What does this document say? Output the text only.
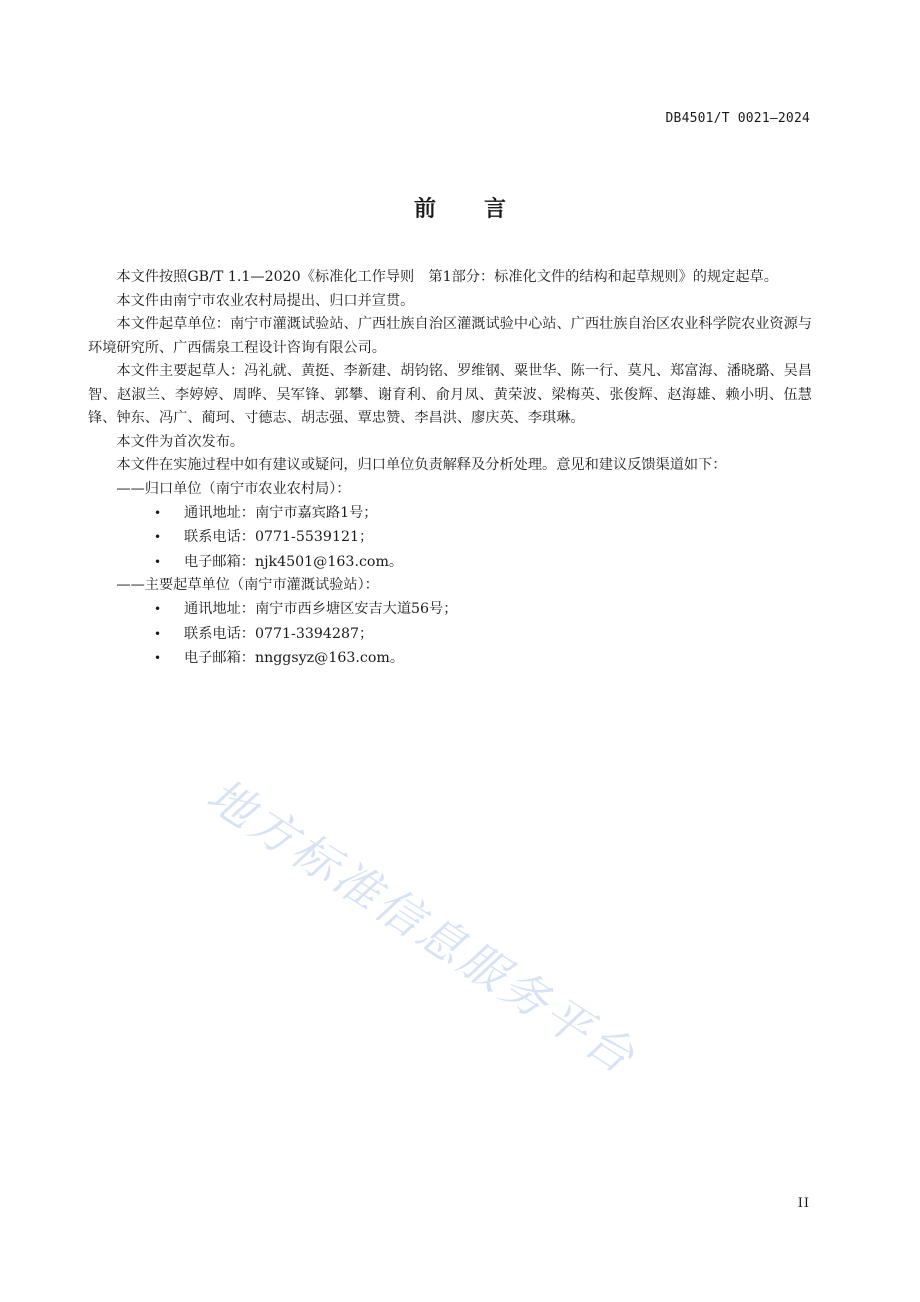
DB4501/T 0021—2024
前言

本文件按照GB/T 1.1—2020《标准化工作导则　第1部分：标准化文件的结构和起草规则》的规定起草。

本文件由南宁市农业农村局提出、归口并宣贯。

本文件起草单位：南宁市灌溉试验站、广西壮族自治区灌溉试验中心站、广西壮族自治区农业科学院农业资源与环境研究所、广西儒泉工程设计咨询有限公司。

本文件主要起草人：冯礼就、黄挺、李新建、胡钧铭、罗维钢、粟世华、陈一行、莫凡、郑富海、潘晓璐、吴昌智、赵淑兰、李婷婷、周晔、吴军锋、郭攀、谢育利、俞月凤、黄荣波、梁梅英、张俊辉、赵海雄、赖小明、伍慧锋、钟东、冯广、蔺珂、寸德志、胡志强、覃忠赞、李昌洪、廖庆英、李琪琳。

本文件为首次发布。

本文件在实施过程中如有建议或疑问，归口单位负责解释及分析处理。意见和建议反馈渠道如下：

——归口单位（南宁市农业农村局）：

• 通讯地址：南宁市嘉宾路1号；
• 联系电话：0771-5539121；
• 电子邮箱：njk4501@163.com。

——主要起草单位（南宁市灌溉试验站）：

• 通讯地址：南宁市西乡塘区安吉大道56号；
• 联系电话：0771-3394287；
• 电子邮箱：nnggsyz@163.com。
地方标准信息服务平台
II
